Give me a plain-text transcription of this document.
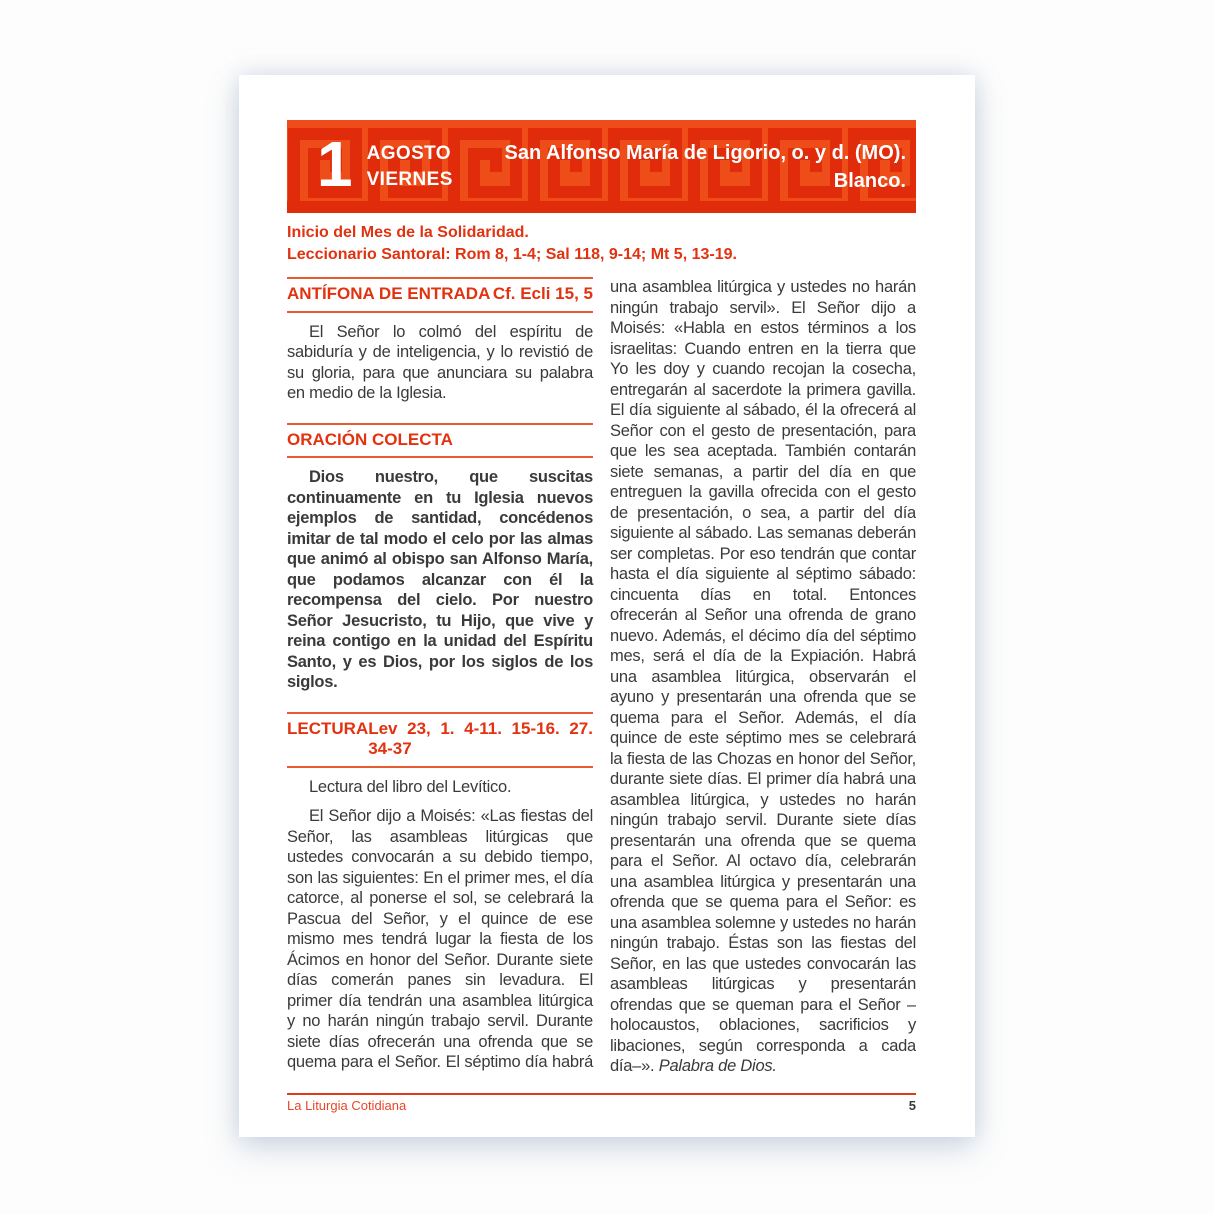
1 AGOSTO
VIERNES
San Alfonso María de Ligorio, o. y d. (MO).
Blanco.
Inicio del Mes de la Solidaridad.
Leccionario Santoral: Rom 8, 1-4; Sal 118, 9-14; Mt 5, 13-19.
ANTÍFONA DE ENTRADA Cf. Ecli 15, 5

El Señor lo colmó del espíritu de sabiduría y de inteligencia, y lo revistió de su gloria, para que anunciara su palabra en medio de la Iglesia.

ORACIÓN COLECTA

Dios nuestro, que suscitas continuamente en tu Iglesia nuevos ejemplos de santidad, concédenos imitar de tal modo el celo por las almas que animó al obispo san Alfonso María, que podamos alcanzar con él la recompensa del cielo. Por nuestro Señor Jesucristo, tu Hijo, que vive y reina contigo en la unidad del Espíritu Santo, y es Dios, por los siglos de los siglos.

LECTURA Lev 23, 1. 4-11. 15-16. 27. 34-37

Lectura del libro del Levítico.

El Señor dijo a Moisés: «Las fiestas del Señor, las asambleas litúrgicas que ustedes convocarán a su debido tiempo, son las siguientes: En el primer mes, el día catorce, al ponerse el sol, se celebrará la Pascua del Señor, y el quince de ese mismo mes tendrá lugar la fiesta de los Ácimos en honor del Señor. Durante siete días comerán panes sin levadura. El primer día tendrán una asamblea litúrgica y no harán ningún trabajo servil. Durante siete días ofrecerán una ofrenda que se quema para el Señor. El séptimo día habrá una asamblea litúrgica y ustedes no harán ningún trabajo servil». El Señor dijo a Moisés: «Habla en estos términos a los israelitas: Cuando entren en la tierra que Yo les doy y cuando recojan la cosecha, entregarán al sacerdote la primera gavilla. El día siguiente al sábado, él la ofrecerá al Señor con el gesto de presentación, para que les sea aceptada. También contarán siete semanas, a partir del día en que entreguen la gavilla ofrecida con el gesto de presentación, o sea, a partir del día siguiente al sábado. Las semanas deberán ser completas. Por eso tendrán que contar hasta el día siguiente al séptimo sábado: cincuenta días en total. Entonces ofrecerán al Señor una ofrenda de grano nuevo. Además, el décimo día del séptimo mes, será el día de la Expiación. Habrá una asamblea litúrgica, observarán el ayuno y presentarán una ofrenda que se quema para el Señor. Además, el día quince de este séptimo mes se celebrará la fiesta de las Chozas en honor del Señor, durante siete días. El primer día habrá una asamblea litúrgica, y ustedes no harán ningún trabajo servil. Durante siete días presentarán una ofrenda que se quema para el Señor. Al octavo día, celebrarán una asamblea litúrgica y presentarán una ofrenda que se quema para el Señor: es una asamblea solemne y ustedes no harán ningún trabajo. Éstas son las fiestas del Señor, en las que ustedes convocarán las asambleas litúrgicas y presentarán ofrendas que se queman para el Señor –holocaustos, oblaciones, sacrificios y libaciones, según corresponda a cada día–». Palabra de Dios.

La Liturgia Cotidiana	5
